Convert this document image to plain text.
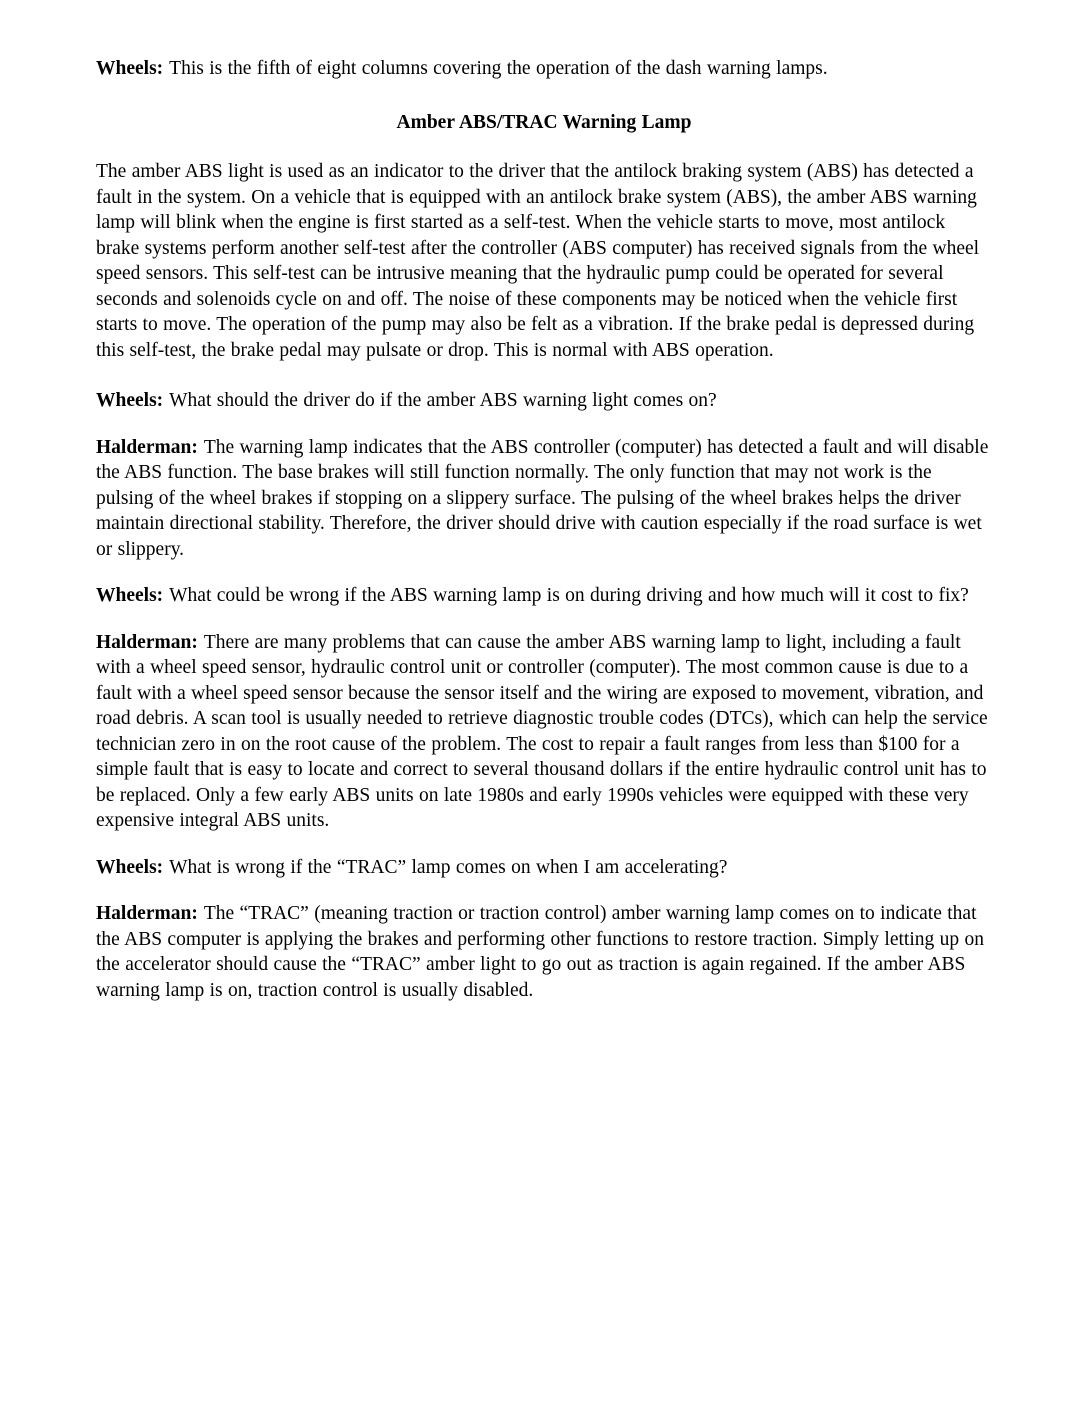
Wheels: This is the fifth of eight columns covering the operation of the dash warning lamps.

Amber ABS/TRAC Warning Lamp

The amber ABS light is used as an indicator to the driver that the antilock braking system (ABS) has detected a fault in the system. On a vehicle that is equipped with an antilock brake system (ABS), the amber ABS warning lamp will blink when the engine is first started as a self-test. When the vehicle starts to move, most antilock brake systems perform another self-test after the controller (ABS computer) has received signals from the wheel speed sensors. This self-test can be intrusive meaning that the hydraulic pump could be operated for several seconds and solenoids cycle on and off. The noise of these components may be noticed when the vehicle first starts to move. The operation of the pump may also be felt as a vibration. If the brake pedal is depressed during this self-test, the brake pedal may pulsate or drop. This is normal with ABS operation.

Wheels: What should the driver do if the amber ABS warning light comes on?

Halderman: The warning lamp indicates that the ABS controller (computer) has detected a fault and will disable the ABS function. The base brakes will still function normally. The only function that may not work is the pulsing of the wheel brakes if stopping on a slippery surface. The pulsing of the wheel brakes helps the driver maintain directional stability. Therefore, the driver should drive with caution especially if the road surface is wet or slippery.

Wheels: What could be wrong if the ABS warning lamp is on during driving and how much will it cost to fix?

Halderman: There are many problems that can cause the amber ABS warning lamp to light, including a fault with a wheel speed sensor, hydraulic control unit or controller (computer). The most common cause is due to a fault with a wheel speed sensor because the sensor itself and the wiring are exposed to movement, vibration, and road debris. A scan tool is usually needed to retrieve diagnostic trouble codes (DTCs), which can help the service technician zero in on the root cause of the problem. The cost to repair a fault ranges from less than $100 for a simple fault that is easy to locate and correct to several thousand dollars if the entire hydraulic control unit has to be replaced. Only a few early ABS units on late 1980s and early 1990s vehicles were equipped with these very expensive integral ABS units.

Wheels: What is wrong if the “TRAC” lamp comes on when I am accelerating?

Halderman: The “TRAC” (meaning traction or traction control) amber warning lamp comes on to indicate that the ABS computer is applying the brakes and performing other functions to restore traction. Simply letting up on the accelerator should cause the “TRAC” amber light to go out as traction is again regained. If the amber ABS warning lamp is on, traction control is usually disabled.
